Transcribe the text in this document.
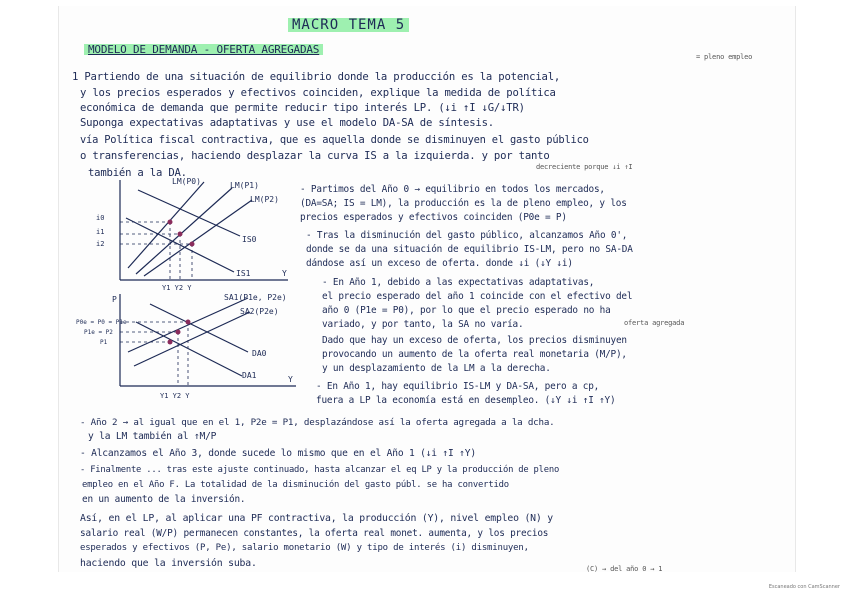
MACRO TEMA 5
MODELO DE DEMANDA - OFERTA AGREGADAS
= pleno empleo
1 Partiendo de una situación de equilibrio donde la producción es la potencial,
y los precios esperados y efectivos coinciden, explique la medida de política
económica de demanda que permite reducir tipo interés LP. (↓i ↑I ↓G/↓TR)
Suponga expectativas adaptativas y use el modelo DA-SA de síntesis.
vía Política fiscal contractiva, que es aquella donde se disminuyen el gasto público
o transferencias, haciendo desplazar la curva IS a la izquierda. y por tanto
decreciente porque ↓i ↑I
también a la DA.
LM(P0)	LM(P1)
LM(P2)
IS0
IS1
i0
i1
i2
Y1 Y2 Y
Y
P	SA1(P1e, P2e)
SA2(P2e)
DA0
DA1
P0e = P0 = P1e
P1e = P2
P1
Y1 Y2 Y
Y
- Partimos del Año 0 → equilibrio en todos los mercados,
(DA=SA; IS = LM), la producción es la de pleno empleo, y los
precios esperados y efectivos coinciden (P0e = P)
- Tras la disminución del gasto público, alcanzamos Año 0',
donde se da una situación de equilibrio IS-LM, pero no SA-DA
dándose así un exceso de oferta. donde ↓i (↓Y ↓i)
- En Año 1, debido a las expectativas adaptativas,
el precio esperado del año 1 coincide con el efectivo del
año 0 (P1e = P0), por lo que el precio esperado no ha
variado, y por tanto, la SA no varía.	oferta agregada
Dado que hay un exceso de oferta, los precios disminuyen
provocando un aumento de la oferta real monetaria (M/P),
y un desplazamiento de la LM a la derecha.
- En Año 1, hay equilibrio IS-LM y DA-SA, pero a cp,
fuera a LP la economía está en desempleo. (↓Y ↓i ↑I ↑Y)
- Año 2 → al igual que en el 1, P2e = P1, desplazándose así la oferta agregada a la dcha.
y la LM también al ↑M/P
- Alcanzamos el Año 3, donde sucede lo mismo que en el Año 1 (↓i ↑I ↑Y)
- Finalmente ... tras este ajuste continuado, hasta alcanzar el eq LP y la producción de pleno
empleo en el Año F. La totalidad de la disminución del gasto públ. se ha convertido
en un aumento de la inversión.
Así, en el LP, al aplicar una PF contractiva, la producción (Y), nivel empleo (N) y
salario real (W/P) permanecen constantes, la oferta real monet. aumenta, y los precios
esperados y efectivos (P, Pe), salario monetario (W) y tipo de interés (i) disminuyen,
haciendo que la inversión suba.	(C) → del año 0 → 1
Escaneado con CamScanner
